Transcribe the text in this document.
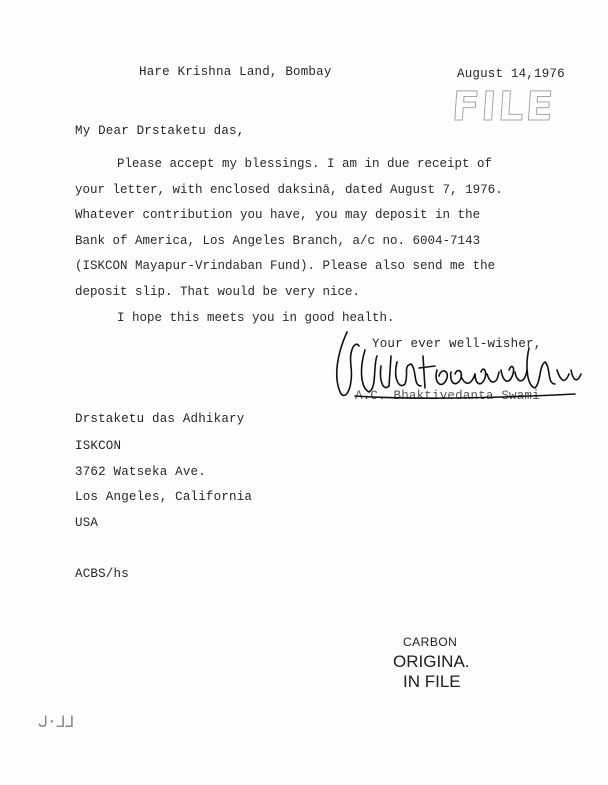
Hare Krishna Land, Bombay	August 14,1976
FILE
My Dear Drstaketu das,
Please accept my blessings. I am in due receipt of
your letter, with enclosed daksinā, dated August 7, 1976.
Whatever contribution you have, you may deposit in the
Bank of America, Los Angeles Branch, a/c no. 6004-7143
(ISKCON Mayapur-Vrindaban Fund). Please also send me the
deposit slip. That would be very nice.
I hope this meets you in good health.
Your ever well-wisher,
A.C. Bhaktivedanta Swami
Drstaketu das Adhikary
ISKCON
3762 Watseka Ave.
Los Angeles, California
USA
ACBS/hs
CARBON
ORIGINA.
IN FILE
ᒍ·ᒧᒧ
